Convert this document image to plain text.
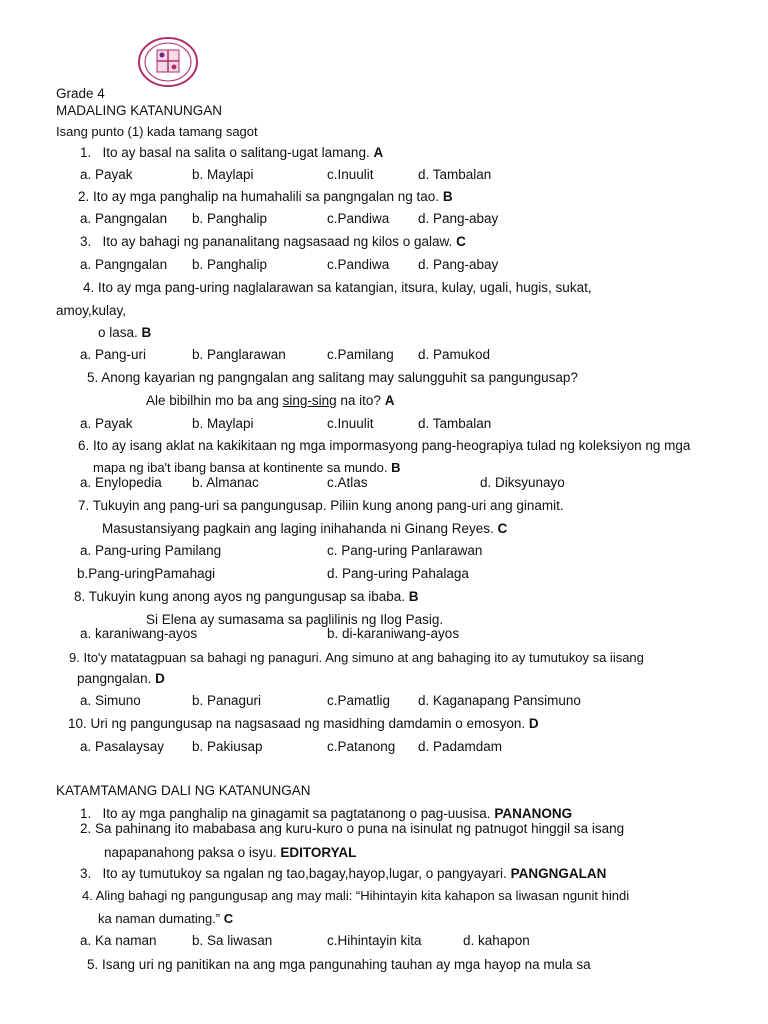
Grade 4
MADALING KATANUNGAN
Isang punto (1) kada tamang sagot
1. Ito ay basal na salita o salitang-ugat lamang. A
a. Payak	b. Maylapi	c.Inuulit	d. Tambalan
2. Ito ay mga panghalip na humahalili sa pangngalan ng tao. B
a. Pangngalan b. Panghalip	c.Pandiwa d. Pang-abay
3. Ito ay bahagi ng pananalitang nagsasaad ng kilos o galaw. C
a. Pangngalan b. Panghalip	c.Pandiwa d. Pang-abay
4. Ito ay mga pang-uring naglalarawan sa katangian, itsura, kulay, ugali, hugis, sukat,
amoy,kulay,
o lasa. B
a. Pang-uri	b. Panglarawan	c.Pamilang d. Pamukod
5. Anong kayarian ng pangngalan ang salitang may salungguhit sa pangungusap?
Ale bibilhin mo ba ang sing-sing na ito? A
a. Payak	b. Maylapi	c.Inuulit	d. Tambalan
6. Ito ay isang aklat na kakikitaan ng mga impormasyong pang-heograpiya tulad ng koleksiyon ng mga
mapa ng iba't ibang bansa at kontinente sa mundo. B
a. Enylopedia b. Almanac	c.Atlas	d. Diksyunayo
7. Tukuyin ang pang-uri sa pangungusap. Piliin kung anong pang-uri ang ginamit.
Masustansiyang pagkain ang laging inihahanda ni Ginang Reyes. C
a. Pang-uring Pamilang	c. Pang-uring Panlarawan
b.Pang-uringPamahagi	d. Pang-uring Pahalaga
8. Tukuyin kung anong ayos ng pangungusap sa ibaba. B
Si Elena ay sumasama sa paglilinis ng Ilog Pasig.
a. karaniwang-ayos	b. di-karaniwang-ayos
9. Ito'y matatagpuan sa bahagi ng panaguri. Ang simuno at ang bahaging ito ay tumutukoy sa iisang
pangngalan. D
a. Simuno	b. Panaguri	c.Pamatlig d. Kaganapang Pansimuno
10. Uri ng pangungusap na nagsasaad ng masidhing damdamin o emosyon. D
a. Pasalaysay b. Pakiusap	c.Patanong d. Padamdam
KATAMTAMANG DALI NG KATANUNGAN
1. Ito ay mga panghalip na ginagamit sa pagtatanong o pag-uusisa. PANANONG
2. Sa pahinang ito mababasa ang kuru-kuro o puna na isinulat ng patnugot hinggil sa isang
napapanahong paksa o isyu. EDITORYAL
3. Ito ay tumutukoy sa ngalan ng tao,bagay,hayop,lugar, o pangyayari. PANGNGALAN
4. Aling bahagi ng pangungusap ang may mali: “Hihintayin kita kahapon sa liwasan ngunit hindi
ka naman dumating.” C
a. Ka naman	b. Sa liwasan	c.Hihintayin kita	d. kahapon
5. Isang uri ng panitikan na ang mga pangunahing tauhan ay mga hayop na mula sa
